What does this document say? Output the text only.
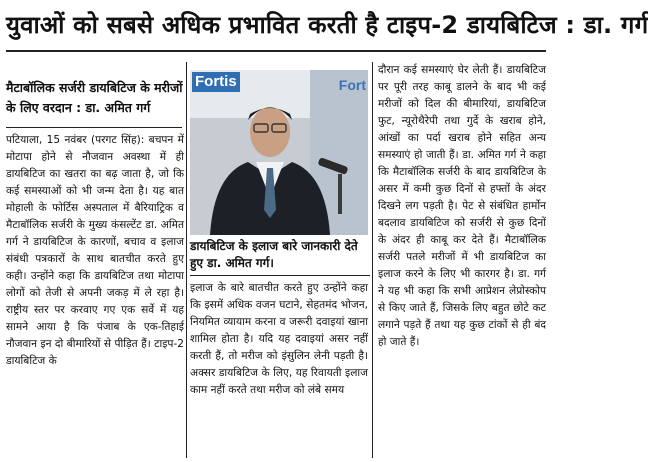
युवाओं को सबसे अधिक प्रभावित करती है टाइप-2 डायबिटिज : डा. गर्ग
मैटाबॉलिक सर्जरी डायबिटिज के मरीजों के लिए वरदान : डा. अमित गर्ग

पटियाला, 15 नवंबर (परगट सिंह): बचपन में मोटापा होने से नौजवान अवस्था में ही डायबिटिज का खतरा का बढ़ जाता है, जो कि कई समस्याओं को भी जन्म देता है। यह बात मोहाली के फोर्टिस अस्पताल में बैरियाट्रिक व मैटाबॉलिक सर्जरी के मुख्य कंसल्टेंट डा. अमित गर्ग ने डायबिटिज के कारणों, बचाव व इलाज संबंधी पत्रकारों के साथ बातचीत करते हुए कही। उन्होंने कहा कि डायबिटिज तथा मोटापा लोगों को तेजी से अपनी जकड़ में ले रहा है। राष्ट्रीय स्तर पर करवाए गए एक सर्वे में यह सामने आया है कि पंजाब के एक-तिहाई नौजवान इन दो बीमारियों से पीड़ित हैं। टाइप-2 डायबिटिज के

Fortis	Fort
डायबिटिज के इलाज बारे जानकारी देते हुए डा. अमित गर्ग।

इलाज के बारे बातचीत करते हुए उन्होंने कहा कि इसमें अधिक वजन घटाने, सेहतमंद भोजन, नियमित व्यायाम करना व जरूरी दवाइयां खाना शामिल होता है। यदि यह दवाइयां असर नहीं करती हैं, तो मरीज को इंसुलिन लेनी पड़ती है। अक्सर डायबिटिज के लिए, यह रिवायती इलाज काम नहीं करते तथा मरीज को लंबे समय

दौरान कई समस्याएं घेर लेती हैं। डायबिटिज पर पूरी तरह काबू डालने के बाद भी कई मरीजों को दिल की बीमारियां, डायबिटिज फुट, न्यूरोथैरेपी तथा गुर्दे के खराब होने, आंखों का पर्दा खराब होने सहित अन्य समस्याएं हो जाती हैं। डा. अमित गर्ग ने कहा कि मैटाबॉलिक सर्जरी के बाद डायबिटिज के असर में कमी कुछ दिनों से हफ्तों के अंदर दिखने लग पड़ती है। पेट से संबंधित हार्मोन बदलाव डायबिटिज को सर्जरी से कुछ दिनों के अंदर ही काबू कर देते हैं। मैटाबॉलिक सर्जरी पतले मरीजों में भी डायबिटिज का इलाज करने के लिए भी कारगर है। डा. गर्ग ने यह भी कहा कि सभी आप्रेशन लेप्रोस्कोप से किए जाते हैं, जिसके लिए बहुत छोटे कट लगाने पड़ते हैं तथा यह कुछ टांकों से ही बंद हो जाते हैं।
